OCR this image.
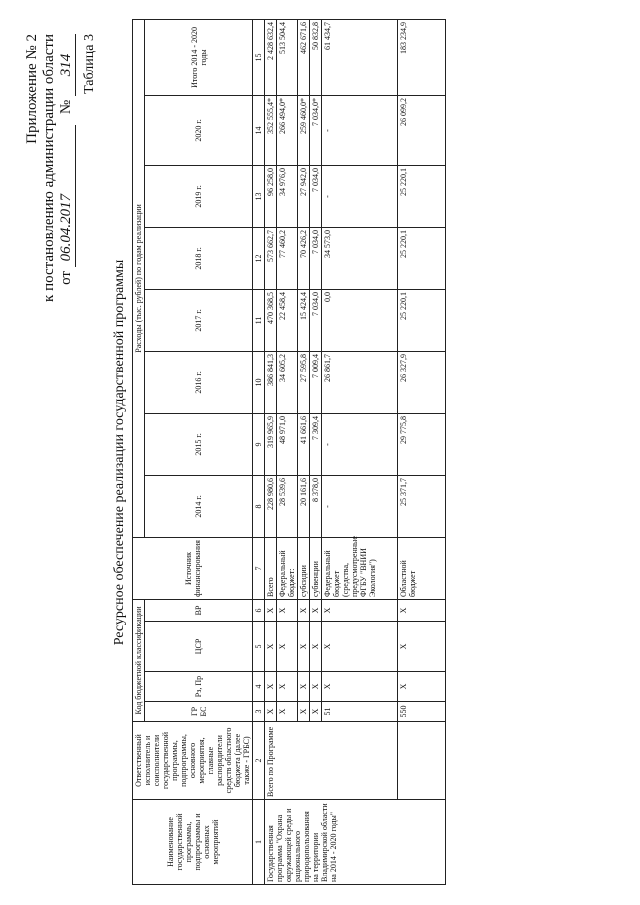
Приложение № 2 к постановлению администрации области от 06.04.2017   № 314 Таблица 3
Ресурсное обеспечение реализации государственной программы
Наименование государственной программы, подпрограммы и основных мероприятий	Ответственный исполнитель и соисполнители государственной программы, подпрограммы, основного мероприятия, главные распорядители средств областного бюджета (далее также - ГРБС)	Код бюджетной классификации				Источник финансирования	Расходы (тыс. рублей) по годам реализации							
		ГР БС	Рз, Пр	ЦСР	ВР		2014 г.	2015 г.	2016 г.	2017 г.	2018 г.	2019 г.	2020 г.	Итого 2014 - 2020 годы

1	2	3	4	5	6	7	8	9	10	11	12	13	14	15
Государственная программа "Охрана окружающей среды и рационального природопользования на территории Владимирской области на 2014 - 2020 годы"	Всего по Программе	Х	Х	Х	Х	Всего	228 980,6	319 965,9	386 841,3	470 368,5	573 662,7	96 258,0	352 555,4*	2 428 632,4
		Х	Х	Х	Х	Федеральный бюджет:	28 539,6	48 971,0	34 605,2	22 458,4	77 460,2	34 976,0	266 494,0*	513 504,4
		Х	Х	Х	Х	субсидии	20 161,6	41 661,6	27 595,8	15 424,4	70 426,2	27 942,0	259 460,0*	462 671,6
		Х	Х	Х	Х	субвенции	8 378,0	7 309,4	7 009,4	7 034,0	7 034,0	7 034,0	7 034,0*	50 832,8
		51	Х	Х	Х	Федеральный бюджет (средства, предусмотренные ФГБУ "ВНИИ Экология")	-	-	26 861,7	0,0	34 573,0	-	-	61 434,7
		550	Х	Х	Х	Областной бюджет	25 371,7	29 775,8	26 327,9	25 220,1	25 220,1	25 220,1	26 099,2	183 234,9
